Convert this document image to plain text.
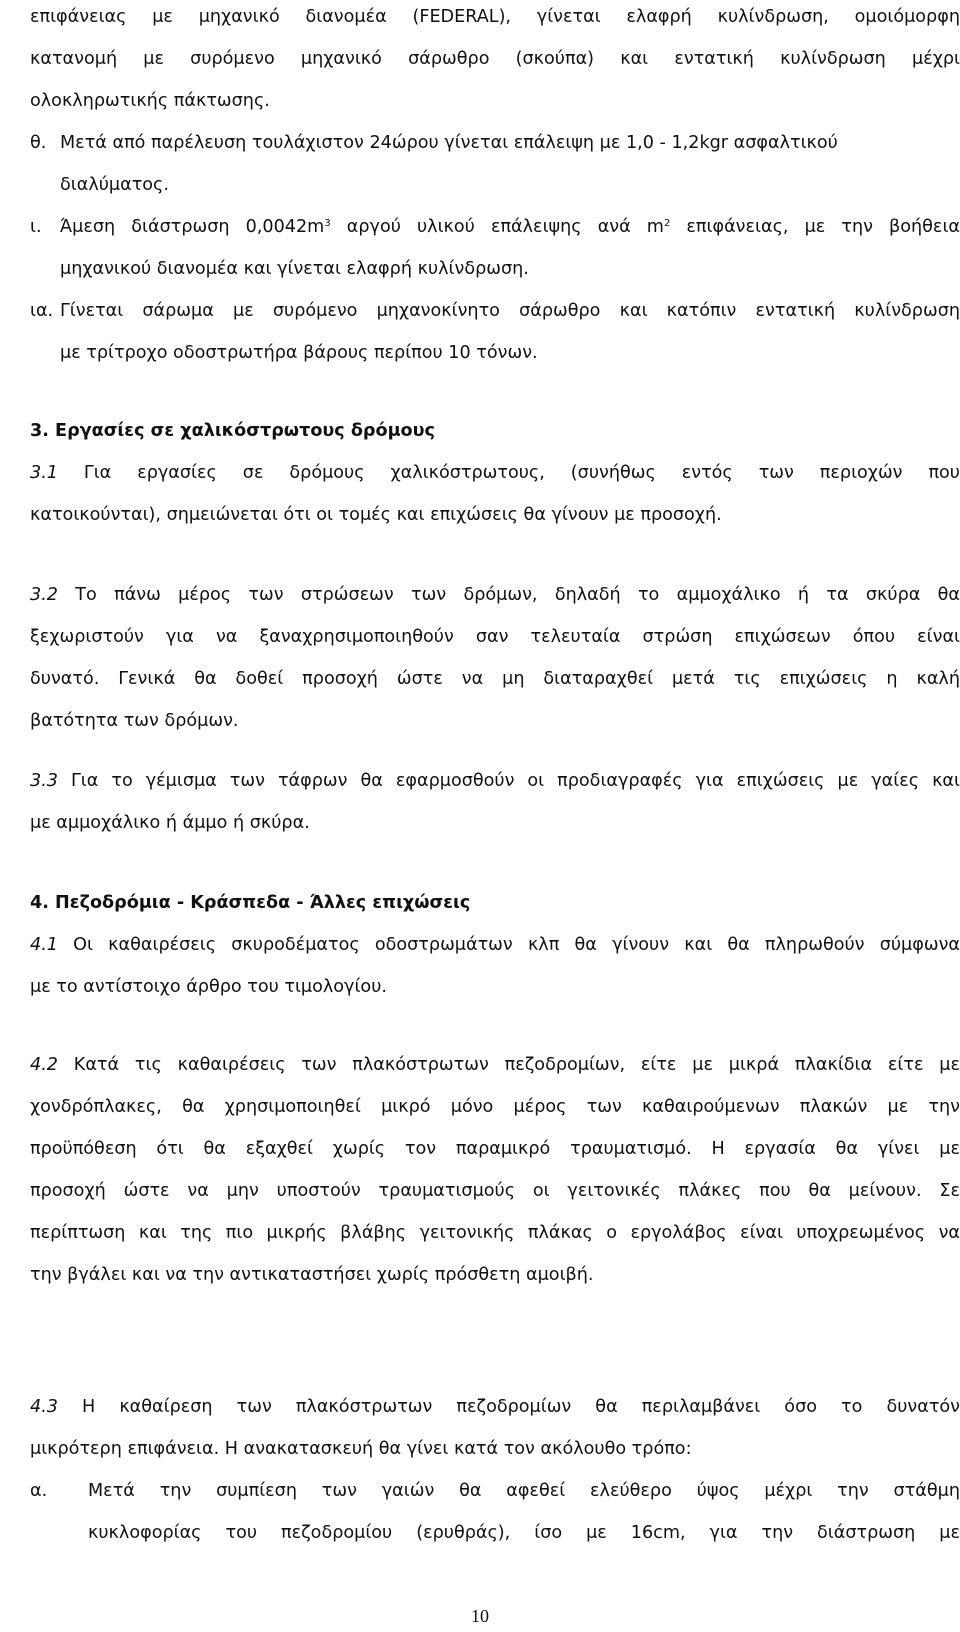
επιφάνειας με μηχανικό διανομέα (FEDERAL), γίνεται ελαφρή κυλίνδρωση, ομοιόμορφη
κατανομή με συρόμενο μηχανικό σάρωθρο (σκούπα) και εντατική κυλίνδρωση μέχρι
ολοκληρωτικής πάκτωσης.
θ. Μετά από παρέλευση τουλάχιστον 24ώρου γίνεται επάλειψη με 1,0 - 1,2kgr ασφαλτικού
διαλύματος.
ι. Άμεση διάστρωση $0,0042m^3$ αργού υλικού επάλειψης ανά $m^2$ επιφάνειας, με την βοήθεια
μηχανικού διανομέα και γίνεται ελαφρή κυλίνδρωση.
ια. Γίνεται σάρωμα με συρόμενο μηχανοκίνητο σάρωθρο και κατόπιν εντατική κυλίνδρωση
με τρίτροχο οδοστρωτήρα βάρους περίπου 10 τόνων.
3. Εργασίες σε χαλικόστρωτους δρόμους
3.1 Για εργασίες σε δρόμους χαλικόστρωτους, (συνήθως εντός των περιοχών που
κατοικούνται), σημειώνεται ότι οι τομές και επιχώσεις θα γίνουν με προσοχή.
3.2 Το πάνω μέρος των στρώσεων των δρόμων, δηλαδή το αμμοχάλικο ή τα σκύρα θα
ξεχωριστούν για να ξαναχρησιμοποιηθούν σαν τελευταία στρώση επιχώσεων όπου είναι
δυνατό. Γενικά θα δοθεί προσοχή ώστε να μη διαταραχθεί μετά τις επιχώσεις η καλή
βατότητα των δρόμων.
3.3 Για το γέμισμα των τάφρων θα εφαρμοσθούν οι προδιαγραφές για επιχώσεις με γαίες και
με αμμοχάλικο ή άμμο ή σκύρα.
4. Πεζοδρόμια - Κράσπεδα - Άλλες επιχώσεις
4.1 Οι καθαιρέσεις σκυροδέματος οδοστρωμάτων κλπ θα γίνουν και θα πληρωθούν σύμφωνα
με το αντίστοιχο άρθρο του τιμολογίου.
4.2 Κατά τις καθαιρέσεις των πλακόστρωτων πεζοδρομίων, είτε με μικρά πλακίδια είτε με
χονδρόπλακες, θα χρησιμοποιηθεί μικρό μόνο μέρος των καθαιρούμενων πλακών με την
προϋπόθεση ότι θα εξαχθεί χωρίς τον παραμικρό τραυματισμό. Η εργασία θα γίνει με
προσοχή ώστε να μην υποστούν τραυματισμούς οι γειτονικές πλάκες που θα μείνουν. Σε
περίπτωση και της πιο μικρής βλάβης γειτονικής πλάκας ο εργολάβος είναι υποχρεωμένος να
την βγάλει και να την αντικαταστήσει χωρίς πρόσθετη αμοιβή.
4.3 Η καθαίρεση των πλακόστρωτων πεζοδρομίων θα περιλαμβάνει όσο το δυνατόν
μικρότερη επιφάνεια. Η ανακατασκευή θα γίνει κατά τον ακόλουθο τρόπο:
α. Μετά την συμπίεση των γαιών θα αφεθεί ελεύθερο ύψος μέχρι την στάθμη
κυκλοφορίας του πεζοδρομίου (ερυθράς), ίσο με 16cm, για την διάστρωση με
10
